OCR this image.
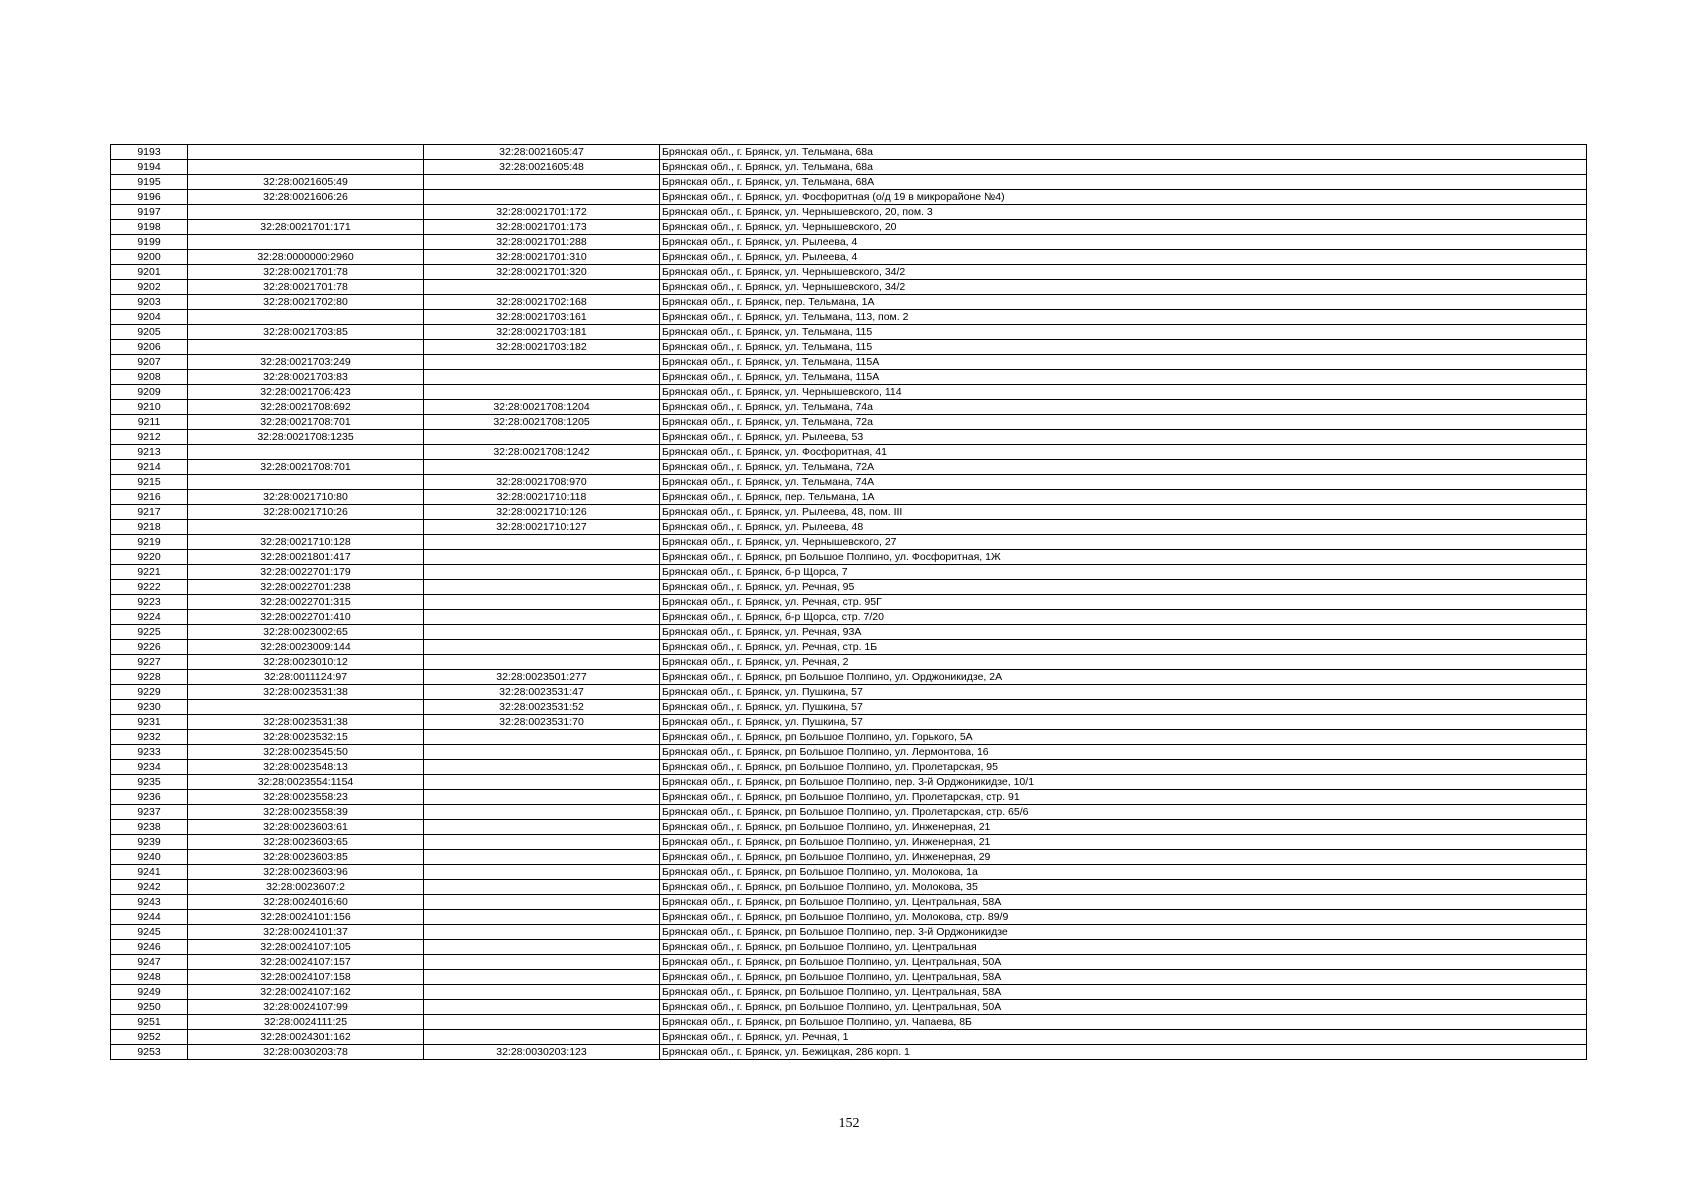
9193		32:28:0021605:47	Брянская обл., г. Брянск, ул. Тельмана, 68а
9194		32:28:0021605:48	Брянская обл., г. Брянск, ул. Тельмана, 68а
9195	32:28:0021605:49		Брянская обл., г. Брянск, ул. Тельмана, 68А
9196	32:28:0021606:26		Брянская обл., г. Брянск, ул. Фосфоритная (о/д 19 в микрорайоне №4)
9197		32:28:0021701:172	Брянская обл., г. Брянск, ул. Чернышевского, 20, пом. 3
9198	32:28:0021701:171	32:28:0021701:173	Брянская обл., г. Брянск, ул. Чернышевского, 20
9199		32:28:0021701:288	Брянская обл., г. Брянск, ул. Рылеева, 4
9200	32:28:0000000:2960	32:28:0021701:310	Брянская обл., г. Брянск, ул. Рылеева, 4
9201	32:28:0021701:78	32:28:0021701:320	Брянская обл., г. Брянск, ул. Чернышевского, 34/2
9202	32:28:0021701:78		Брянская обл., г. Брянск, ул. Чернышевского, 34/2
9203	32:28:0021702:80	32:28:0021702:168	Брянская обл., г. Брянск, пер. Тельмана, 1А
9204		32:28:0021703:161	Брянская обл., г. Брянск, ул. Тельмана, 113, пом. 2
9205	32:28:0021703:85	32:28:0021703:181	Брянская обл., г. Брянск, ул. Тельмана, 115
9206		32:28:0021703:182	Брянская обл., г. Брянск, ул. Тельмана, 115
9207	32:28:0021703:249		Брянская обл., г. Брянск, ул. Тельмана, 115А
9208	32:28:0021703:83		Брянская обл., г. Брянск, ул. Тельмана, 115А
9209	32:28:0021706:423		Брянская обл., г. Брянск, ул. Чернышевского, 114
9210	32:28:0021708:692	32:28:0021708:1204	Брянская обл., г. Брянск, ул. Тельмана, 74а
9211	32:28:0021708:701	32:28:0021708:1205	Брянская обл., г. Брянск, ул. Тельмана, 72а
9212	32:28:0021708:1235		Брянская обл., г. Брянск, ул. Рылеева, 53
9213		32:28:0021708:1242	Брянская обл., г. Брянск, ул. Фосфоритная, 41
9214	32:28:0021708:701		Брянская обл., г. Брянск, ул. Тельмана, 72А
9215		32:28:0021708:970	Брянская обл., г. Брянск, ул. Тельмана, 74А
9216	32:28:0021710:80	32:28:0021710:118	Брянская обл., г. Брянск, пер. Тельмана, 1А
9217	32:28:0021710:26	32:28:0021710:126	Брянская обл., г. Брянск, ул. Рылеева, 48, пом. III
9218		32:28:0021710:127	Брянская обл., г. Брянск, ул. Рылеева, 48
9219	32:28:0021710:128		Брянская обл., г. Брянск, ул. Чернышевского, 27
9220	32:28:0021801:417		Брянская обл., г. Брянск, рп Большое Полпино, ул. Фосфоритная, 1Ж
9221	32:28:0022701:179		Брянская обл., г. Брянск, б-р Щорса, 7
9222	32:28:0022701:238		Брянская обл., г. Брянск, ул. Речная, 95
9223	32:28:0022701:315		Брянская обл., г. Брянск, ул. Речная, стр. 95Г
9224	32:28:0022701:410		Брянская обл., г. Брянск, б-р Щорса, стр. 7/20
9225	32:28:0023002:65		Брянская обл., г. Брянск, ул. Речная, 93А
9226	32:28:0023009:144		Брянская обл., г. Брянск, ул. Речная, стр. 1Б
9227	32:28:0023010:12		Брянская обл., г. Брянск, ул. Речная, 2
9228	32:28:0011124:97	32:28:0023501:277	Брянская обл., г. Брянск, рп Большое Полпино, ул. Орджоникидзе, 2А
9229	32:28:0023531:38	32:28:0023531:47	Брянская обл., г. Брянск, ул. Пушкина, 57
9230		32:28:0023531:52	Брянская обл., г. Брянск, ул. Пушкина, 57
9231	32:28:0023531:38	32:28:0023531:70	Брянская обл., г. Брянск, ул. Пушкина, 57
9232	32:28:0023532:15		Брянская обл., г. Брянск, рп Большое Полпино, ул. Горького, 5А
9233	32:28:0023545:50		Брянская обл., г. Брянск, рп Большое Полпино, ул. Лермонтова, 16
9234	32:28:0023548:13		Брянская обл., г. Брянск, рп Большое Полпино, ул. Пролетарская, 95
9235	32:28:0023554:1154		Брянская обл., г. Брянск, рп Большое Полпино, пер. 3-й Орджоникидзе, 10/1
9236	32:28:0023558:23		Брянская обл., г. Брянск, рп Большое Полпино, ул. Пролетарская, стр. 91
9237	32:28:0023558:39		Брянская обл., г. Брянск, рп Большое Полпино, ул. Пролетарская, стр. 65/6
9238	32:28:0023603:61		Брянская обл., г. Брянск, рп Большое Полпино, ул. Инженерная, 21
9239	32:28:0023603:65		Брянская обл., г. Брянск, рп Большое Полпино, ул. Инженерная, 21
9240	32:28:0023603:85		Брянская обл., г. Брянск, рп Большое Полпино, ул. Инженерная, 29
9241	32:28:0023603:96		Брянская обл., г. Брянск, рп Большое Полпино, ул. Молокова, 1а
9242	32:28:0023607:2		Брянская обл., г. Брянск, рп Большое Полпино, ул. Молокова, 35
9243	32:28:0024016:60		Брянская обл., г. Брянск, рп Большое Полпино, ул. Центральная, 58А
9244	32:28:0024101:156		Брянская обл., г. Брянск, рп Большое Полпино, ул. Молокова, стр. 89/9
9245	32:28:0024101:37		Брянская обл., г. Брянск, рп Большое Полпино, пер. 3-й Орджоникидзе
9246	32:28:0024107:105		Брянская обл., г. Брянск, рп Большое Полпино, ул. Центральная
9247	32:28:0024107:157		Брянская обл., г. Брянск, рп Большое Полпино, ул. Центральная, 50А
9248	32:28:0024107:158		Брянская обл., г. Брянск, рп Большое Полпино, ул. Центральная, 58А
9249	32:28:0024107:162		Брянская обл., г. Брянск, рп Большое Полпино, ул. Центральная, 58А
9250	32:28:0024107:99		Брянская обл., г. Брянск, рп Большое Полпино, ул. Центральная, 50А
9251	32:28:0024111:25		Брянская обл., г. Брянск, рп Большое Полпино, ул. Чапаева, 8Б
9252	32:28:0024301:162		Брянская обл., г. Брянск, ул. Речная, 1
9253	32:28:0030203:78	32:28:0030203:123	Брянская обл., г. Брянск, ул. Бежицкая, 286 корп. 1
152
